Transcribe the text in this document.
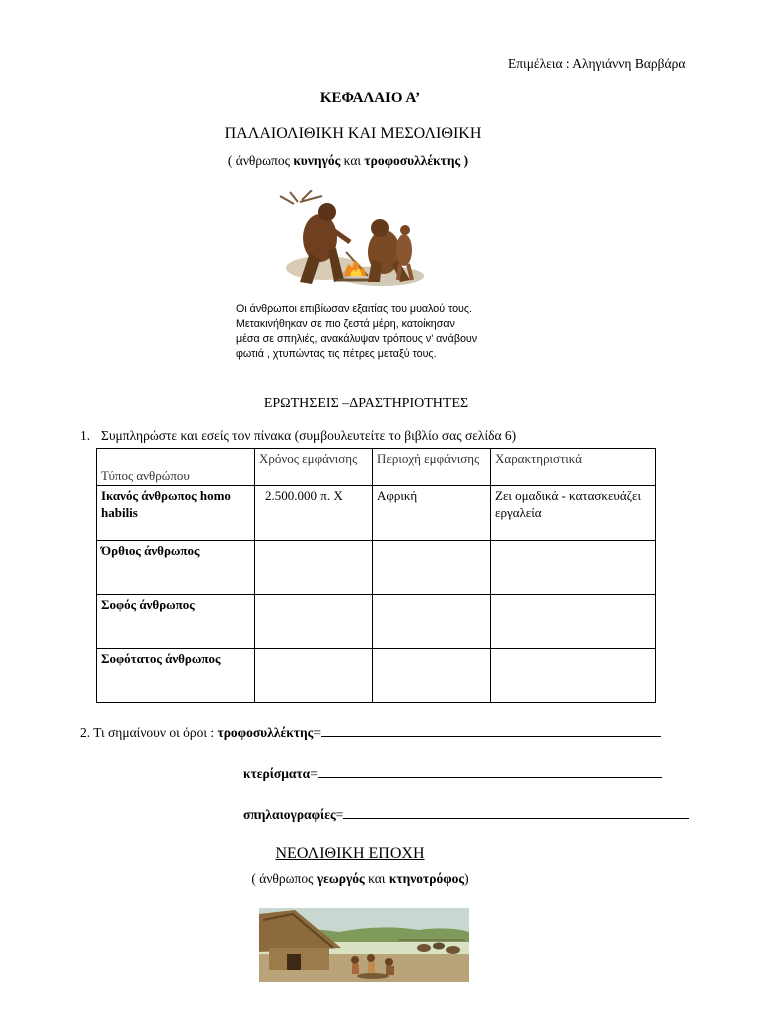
Επιμέλεια : Αληγιάννη Βαρβάρα
ΚΕΦΑΛΑΙΟ Α’
ΠΑΛΑΙΟΛΙΘΙΚΗ ΚΑΙ ΜΕΣΟΛΙΘΙΚΗ
( άνθρωπος κυνηγός και τροφοσυλλέκτης )
Οι άνθρωποι επιβίωσαν εξαιτίας του μυαλού τους. Μετακινήθηκαν σε πιο ζεστά μέρη, κατοίκησαν μέσα σε σπηλιές, ανακάλυψαν τρόπους ν’ ανάβουν φωτιά , χτυπώντας τις πέτρες μεταξύ τους.
ΕΡΩΤΗΣΕΙΣ –ΔΡΑΣΤΗΡΙΟΤΗΤΕΣ
1. Συμπληρώστε και εσείς τον πίνακα (συμβουλευτείτε το βιβλίο σας σελίδα 6)
Τύπος ανθρώπου	Χρόνος εμφάνισης	Περιοχή εμφάνισης	Χαρακτηριστικά
Ικανός άνθρωπος homo habilis	2.500.000 π. Χ	Αφρική	Ζει ομαδικά - κατασκευάζει εργαλεία
Όρθιος άνθρωπος			
Σοφός άνθρωπος			
Σοφότατος άνθρωπος			
2. Τι σημαίνουν οι όροι : τροφοσυλλέκτης=
κτερίσματα=
σπηλαιογραφίες=
ΝΕΟΛΙΘΙΚΗ ΕΠΟΧΗ
( άνθρωπος γεωργός και κτηνοτρόφος)
